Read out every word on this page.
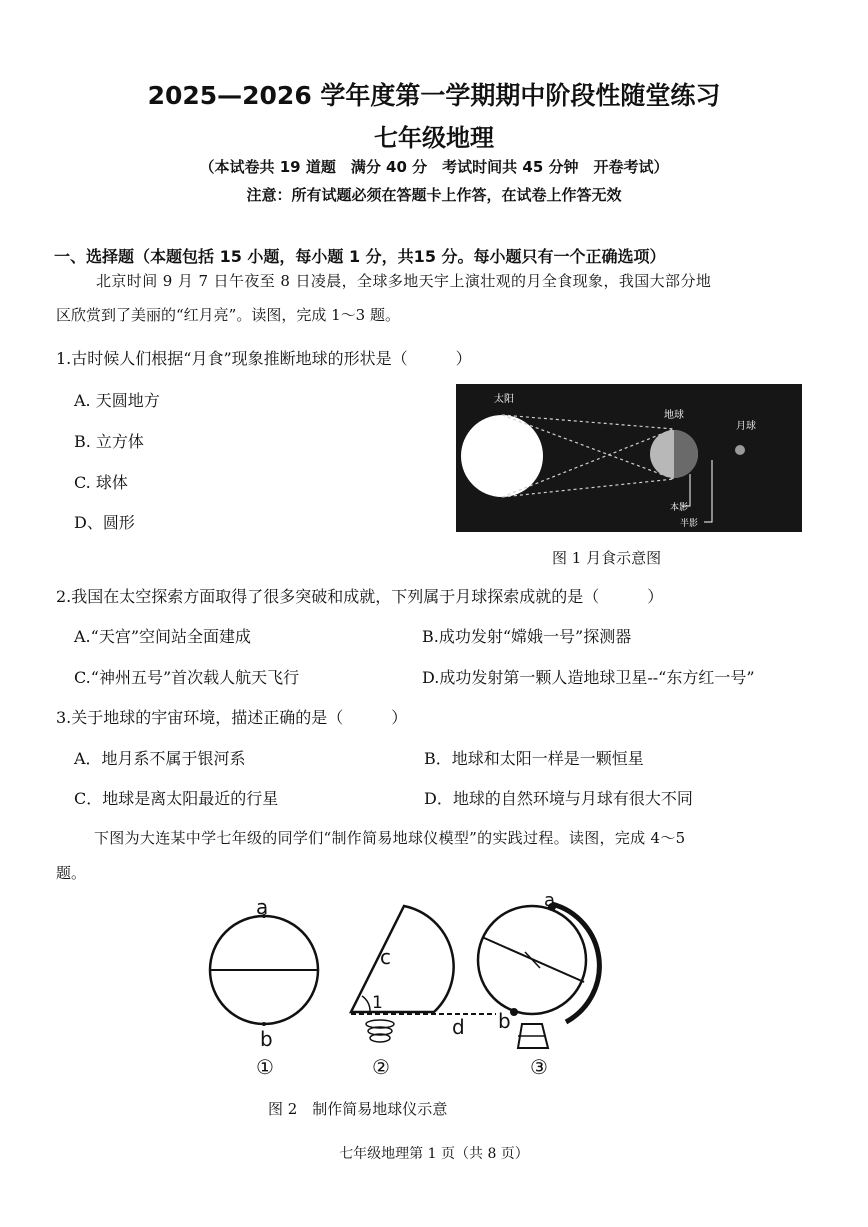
2025—2026 学年度第一学期期中阶段性随堂练习
七年级地理
（本试卷共 19 道题　满分 40 分　考试时间共 45 分钟　开卷考试）
注意：所有试题必须在答题卡上作答，在试卷上作答无效
一、选择题（本题包括 15 小题，每小题 1 分，共15 分。每小题只有一个正确选项）
北京时间 9 月 7 日午夜至 8 日凌晨，全球多地天宇上演壮观的月全食现象，我国大部分地
区欣赏到了美丽的“红月亮”。读图，完成 1～3 题。
1.古时候人们根据“月食”现象推断地球的形状是（　　　）
A. 天圆地方
B. 立方体
C. 球体
D、圆形
太阳
地球
月球
本影
半影
图 1 月食示意图
2.我国在太空探索方面取得了很多突破和成就，下列属于月球探索成就的是（　　　）
A.“天宫”空间站全面建成	B.成功发射“嫦娥一号”探测器
C.“神州五号”首次载人航天飞行	D.成功发射第一颗人造地球卫星--“东方红一号”
3.关于地球的宇宙环境，描述正确的是（　　　）
A．地月系不属于银河系	B．地球和太阳一样是一颗恒星
C．地球是离太阳最近的行星	D．地球的自然环境与月球有很大不同
下图为大连某中学七年级的同学们“制作简易地球仪模型”的实践过程。读图，完成 4～5
题。
a
b
①
c
1
d
②
a
b
③
图 2　制作简易地球仪示意
七年级地理第 1 页（共 8 页）
